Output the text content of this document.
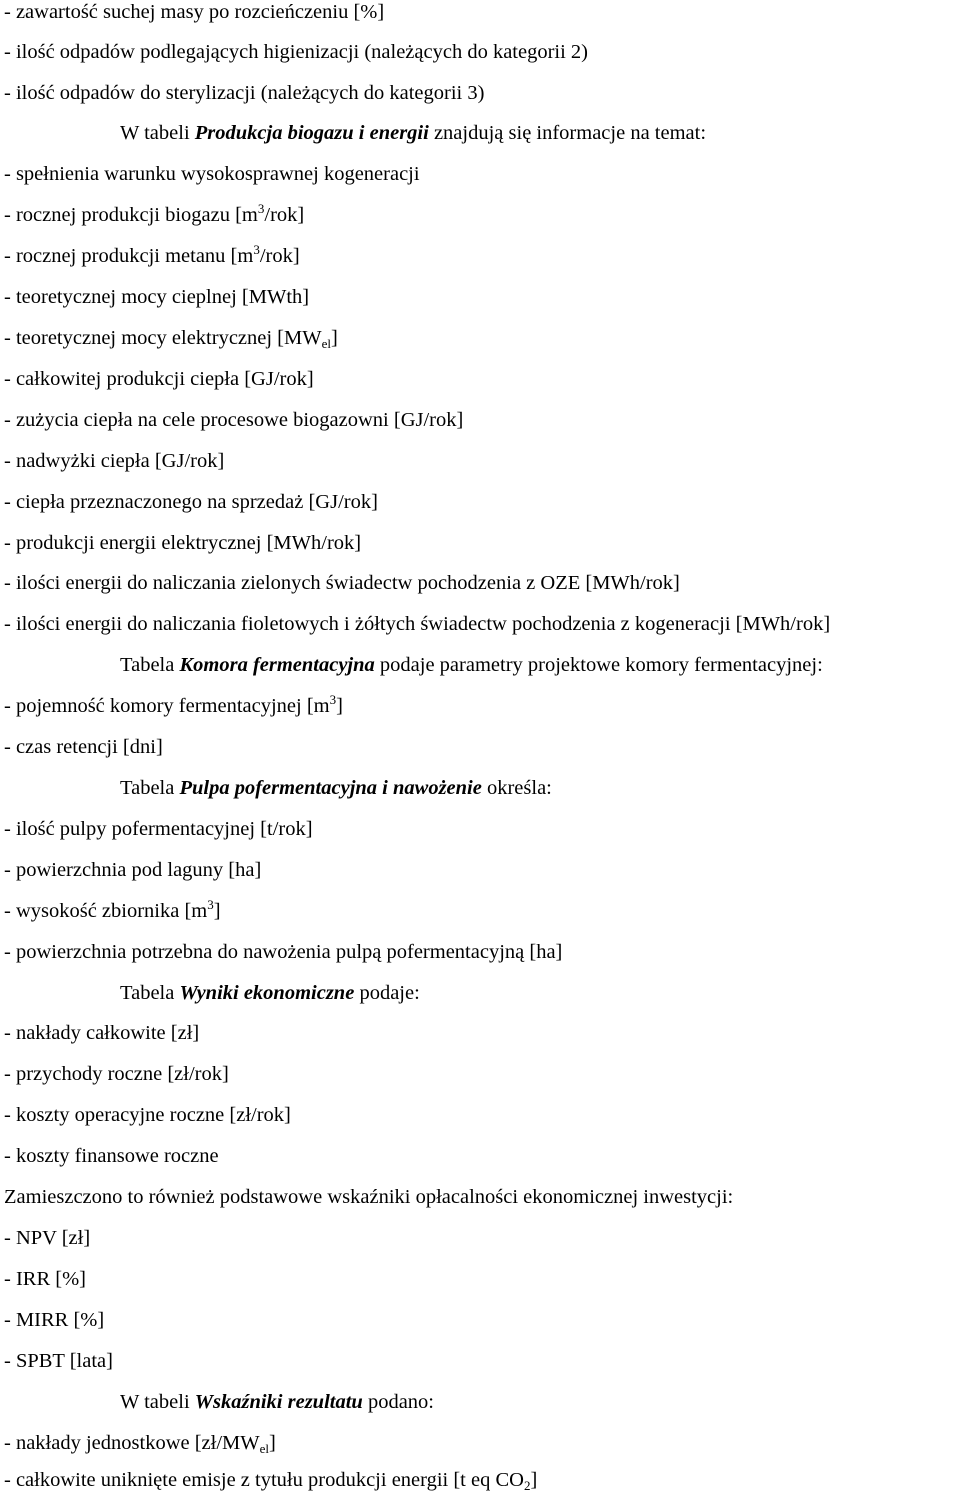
- zawartość suchej masy po rozcieńczeniu [%]
- ilość odpadów podlegających higienizacji (należących do kategorii 2)
- ilość odpadów do sterylizacji (należących do kategorii 3)
W tabeli Produkcja biogazu i energii znajdują się informacje na temat:
- spełnienia warunku wysokosprawnej kogeneracji
- rocznej produkcji biogazu $[m^3/rok]$
- rocznej produkcji metanu $[m^3/rok]$
- teoretycznej mocy cieplnej [MWth]
- teoretycznej mocy elektrycznej $[MW_{el}]$
- całkowitej produkcji ciepła [GJ/rok]
- zużycia ciepła na cele procesowe biogazowni [GJ/rok]
- nadwyżki ciepła [GJ/rok]
- ciepła przeznaczonego na sprzedaż [GJ/rok]
- produkcji energii elektrycznej [MWh/rok]
- ilości energii do naliczania zielonych świadectw pochodzenia z OZE [MWh/rok]
- ilości energii do naliczania fioletowych i żółtych świadectw pochodzenia z kogeneracji [MWh/rok]
Tabela Komora fermentacyjna podaje parametry projektowe komory fermentacyjnej:
- pojemność komory fermentacyjnej $[m^3]$
- czas retencji [dni]
Tabela Pulpa pofermentacyjna i nawożenie określa:
- ilość pulpy pofermentacyjnej [t/rok]
- powierzchnia pod laguny [ha]
- wysokość zbiornika $[m^3]$
- powierzchnia potrzebna do nawożenia pulpą pofermentacyjną [ha]
Tabela Wyniki ekonomiczne podaje:
- nakłady całkowite [zł]
- przychody roczne [zł/rok]
- koszty operacyjne roczne [zł/rok]
- koszty finansowe roczne
Zamieszczono to również podstawowe wskaźniki opłacalności ekonomicznej inwestycji:
- NPV [zł]
- IRR [%]
- MIRR [%]
- SPBT [lata]
W tabeli Wskaźniki rezultatu podano:
- nakłady jednostkowe $[zł/MW_{el}]$
- całkowite uniknięte emisje z tytułu produkcji energii [t eq $CO_2$]
